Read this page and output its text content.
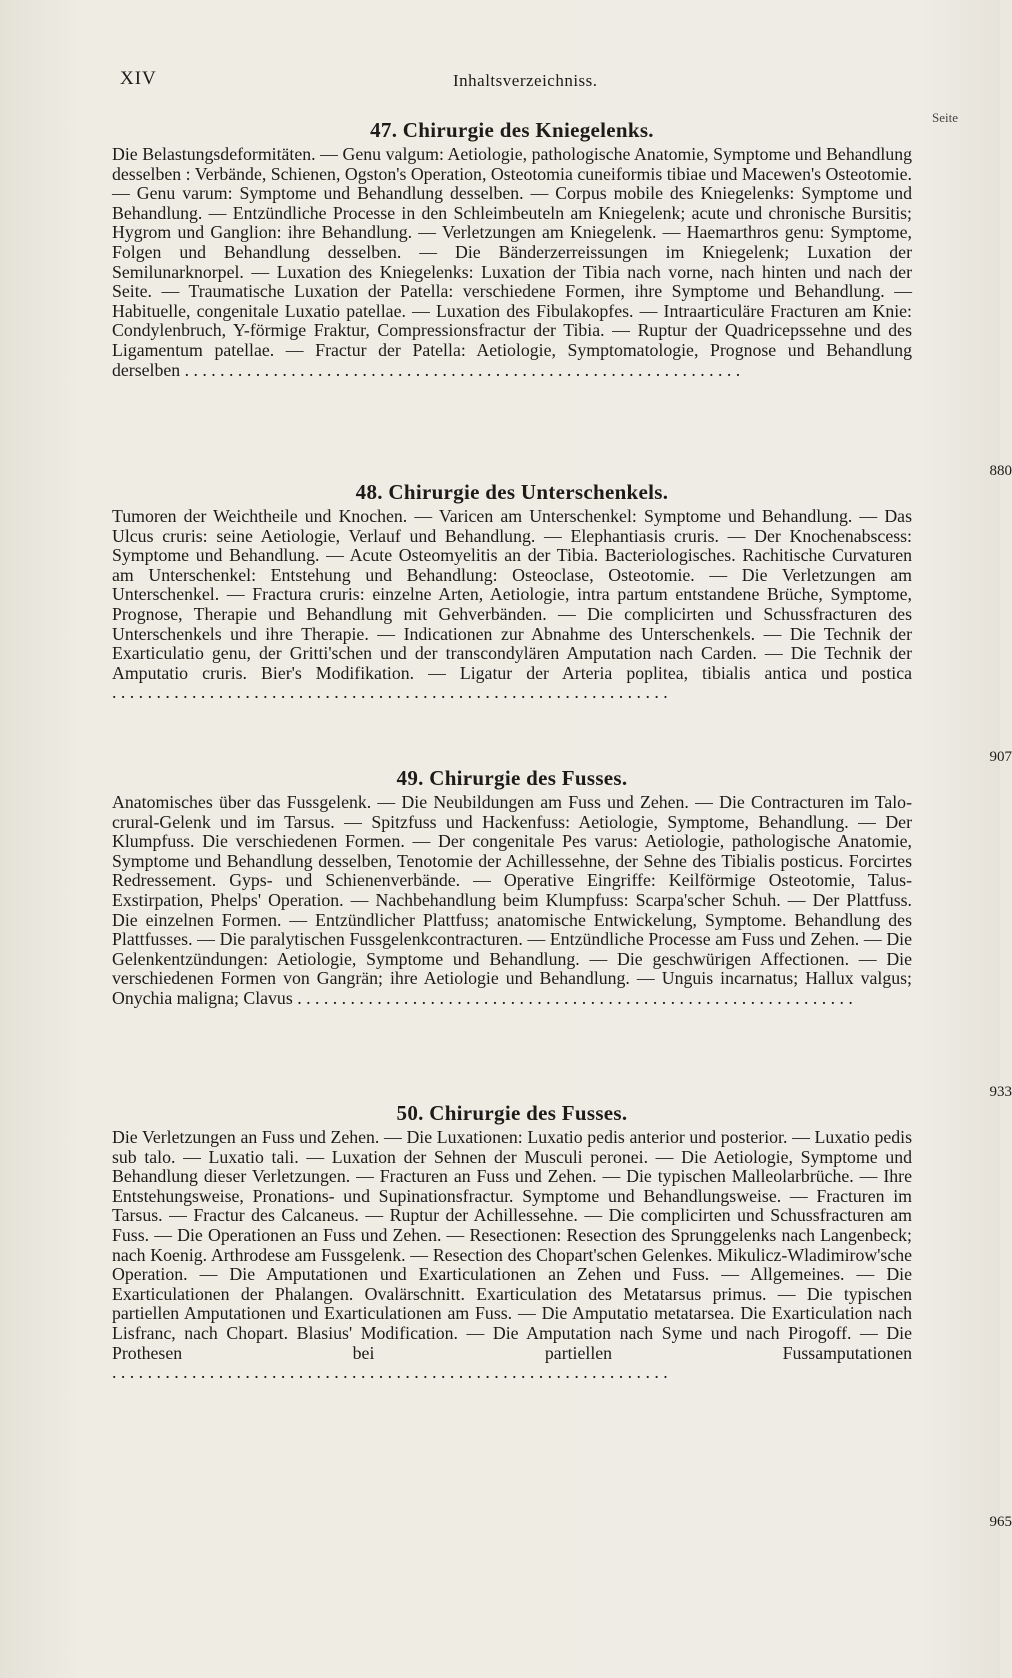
XIV	Inhaltsverzeichniss.
Seite
47. Chirurgie des Kniegelenks.

Die Belastungsdeformitäten. — Genu valgum: Aetiologie, pathologische Anatomie, Symptome und Behandlung desselben : Verbände, Schienen, Ogston's Operation, Osteotomia cuneiformis tibiae und Macewen's Osteotomie. — Genu varum: Symptome und Behandlung desselben. — Corpus mobile des Kniegelenks: Symptome und Behandlung. — Entzündliche Processe in den Schleimbeuteln am Kniegelenk; acute und chronische Bursitis; Hygrom und Ganglion: ihre Behandlung. — Verletzungen am Kniegelenk. — Haemarthros genu: Symptome, Folgen und Behandlung desselben. — Die Bänderzerreissungen im Kniegelenk; Luxation der Semilunarknorpel. — Luxation des Kniegelenks: Luxation der Tibia nach vorne, nach hinten und nach der Seite. — Traumatische Luxation der Patella: verschiedene Formen, ihre Symptome und Behandlung. — Habituelle, congenitale Luxatio patellae. — Luxation des Fibulakopfes. — Intraarticuläre Fracturen am Knie: Condylenbruch, Y-förmige Fraktur, Compressionsfractur der Tibia. — Ruptur der Quadricepssehne und des Ligamentum patellae. — Fractur der Patella: Aetiologie, Symptomatologie, Prognose und Behandlung derselben . . .

880
48. Chirurgie des Unterschenkels.

Tumoren der Weichtheile und Knochen. — Varicen am Unterschenkel: Symptome und Behandlung. — Das Ulcus cruris: seine Aetiologie, Verlauf und Behandlung. — Elephantiasis cruris. — Der Knochenabscess: Symptome und Behandlung. — Acute Osteomyelitis an der Tibia. Bacteriologisches. Rachitische Curvaturen am Unterschenkel: Entstehung und Behandlung: Osteoclase, Osteotomie. — Die Verletzungen am Unterschenkel. — Fractura cruris: einzelne Arten, Aetiologie, intra partum entstandene Brüche, Symptome, Prognose, Therapie und Behandlung mit Gehverbänden. — Die complicirten und Schussfracturen des Unterschenkels und ihre Therapie. — Indicationen zur Abnahme des Unterschenkels. — Die Technik der Exarticulatio genu, der Gritti'schen und der transcondylären Amputation nach Carden. — Die Technik der Amputatio cruris. Bier's Modifikation. — Ligatur der Arteria poplitea, tibialis antica und postica . . .

907
49. Chirurgie des Fusses.

Anatomisches über das Fussgelenk. — Die Neubildungen am Fuss und Zehen. — Die Contracturen im Talo-crural-Gelenk und im Tarsus. — Spitzfuss und Hackenfuss: Aetiologie, Symptome, Behandlung. — Der Klumpfuss. Die verschiedenen Formen. — Der congenitale Pes varus: Aetiologie, pathologische Anatomie, Symptome und Behandlung desselben, Tenotomie der Achillessehne, der Sehne des Tibialis posticus. Forcirtes Redressement. Gyps- und Schienenverbände. — Operative Eingriffe: Keilförmige Osteotomie, Talus-Exstirpation, Phelps' Operation. — Nachbehandlung beim Klumpfuss: Scarpa'scher Schuh. — Der Plattfuss. Die einzelnen Formen. — Entzündlicher Plattfuss; anatomische Entwickelung, Symptome. Behandlung des Plattfusses. — Die paralytischen Fussgelenkcontracturen. — Entzündliche Processe am Fuss und Zehen. — Die Gelenkentzündungen: Aetiologie, Symptome und Behandlung. — Die geschwürigen Affectionen. — Die verschiedenen Formen von Gangrän; ihre Aetiologie und Behandlung. — Unguis incarnatus; Hallux valgus; Onychia maligna; Clavus . . .

933
50. Chirurgie des Fusses.

Die Verletzungen an Fuss und Zehen. — Die Luxationen: Luxatio pedis anterior und posterior. — Luxatio pedis sub talo. — Luxatio tali. — Luxation der Sehnen der Musculi peronei. — Die Aetiologie, Symptome und Behandlung dieser Verletzungen. — Fracturen an Fuss und Zehen. — Die typischen Malleolarbrüche. — Ihre Entstehungsweise, Pronations- und Supinationsfractur. Symptome und Behandlungsweise. — Fracturen im Tarsus. — Fractur des Calcaneus. — Ruptur der Achillessehne. — Die complicirten und Schussfracturen am Fuss. — Die Operationen an Fuss und Zehen. — Resectionen: Resection des Sprunggelenks nach Langenbeck; nach Koenig. Arthrodese am Fussgelenk. — Resection des Chopart'schen Gelenkes. Mikulicz-Wladimirow'sche Operation. — Die Amputationen und Exarticulationen an Zehen und Fuss. — Allgemeines. — Die Exarticulationen der Phalangen. Ovalärschnitt. Exarticulation des Metatarsus primus. — Die typischen partiellen Amputationen und Exarticulationen am Fuss. — Die Amputatio metatarsea. Die Exarticulation nach Lisfranc, nach Chopart. Blasius' Modification. — Die Amputation nach Syme und nach Pirogoff. — Die Prothesen bei partiellen Fussamputationen . . .

965
